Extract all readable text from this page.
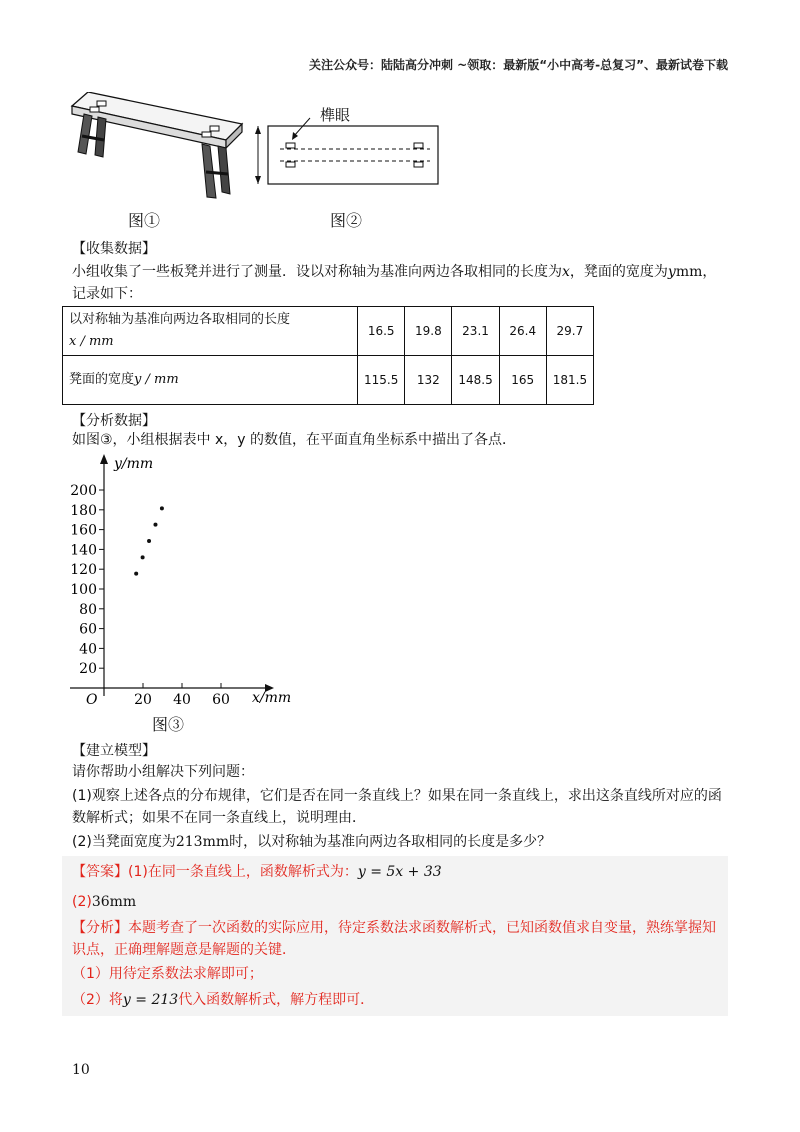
关注公众号：陆陆高分冲刺 ~领取：最新版“小中高考-总复习”、最新试卷下载
图①
榫眼
图②
【收集数据】
小组收集了一些板凳并进行了测量．设以对称轴为基准向两边各取相同的长度为x，凳面的宽度为ymm，
记录如下：
以对称轴为基准向两边各取相同的长度
x / mm	16.5	19.8	23.1	26.4	29.7
凳面的宽度y / mm	115.5	132	148.5	165	181.5
【分析数据】
如图③，小组根据表中 x，y 的数值，在平面直角坐标系中描出了各点．
y/mm
x/mm
O
20
40
60
80
100
120
140
160
180
200
20 40 60
图③
【建立模型】
请你帮助小组解决下列问题：
(1)观察上述各点的分布规律，它们是否在同一条直线上？如果在同一条直线上，求出这条直线所对应的函
数解析式；如果不在同一条直线上，说明理由．
(2)当凳面宽度为213mm时，以对称轴为基准向两边各取相同的长度是多少？
【答案】(1)在同一条直线上，函数解析式为：y = 5x + 33
(2)36mm
【分析】本题考查了一次函数的实际应用，待定系数法求函数解析式，已知函数值求自变量，熟练掌握知
识点，正确理解题意是解题的关键．
（1）用待定系数法求解即可；
（2）将y = 213代入函数解析式，解方程即可．
10
